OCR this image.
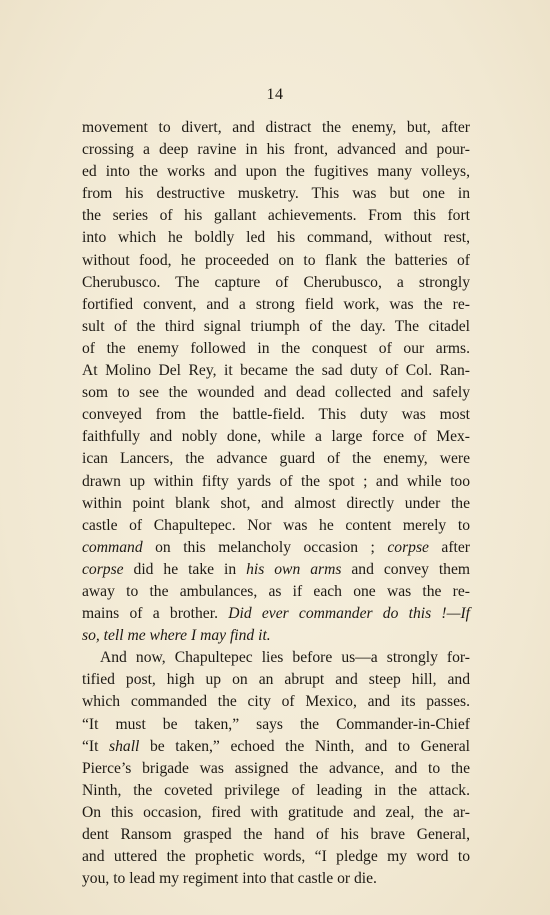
14
movement to divert, and distract the enemy, but, after
crossing a deep ravine in his front, advanced and pour-
ed into the works and upon the fugitives many volleys,
from his destructive musketry. This was but one in
the series of his gallant achievements. From this fort
into which he boldly led his command, without rest,
without food, he proceeded on to flank the batteries of
Cherubusco. The capture of Cherubusco, a strongly
fortified convent, and a strong field work, was the re-
sult of the third signal triumph of the day. The citadel
of the enemy followed in the conquest of our arms.
At Molino Del Rey, it became the sad duty of Col. Ran-
som to see the wounded and dead collected and safely
conveyed from the battle-field. This duty was most
faithfully and nobly done, while a large force of Mex-
ican Lancers, the advance guard of the enemy, were
drawn up within fifty yards of the spot ; and while too
within point blank shot, and almost directly under the
castle of Chapultepec. Nor was he content merely to
command on this melancholy occasion ; corpse after
corpse did he take in his own arms and convey them
away to the ambulances, as if each one was the re-
mains of a brother. Did ever commander do this !—If
so, tell me where I may find it.
And now, Chapultepec lies before us—a strongly for-
tified post, high up on an abrupt and steep hill, and
which commanded the city of Mexico, and its passes.
“It must be taken,” says the Commander-in-Chief
“It shall be taken,” echoed the Ninth, and to General
Pierce’s brigade was assigned the advance, and to the
Ninth, the coveted privilege of leading in the attack.
On this occasion, fired with gratitude and zeal, the ar-
dent Ransom grasped the hand of his brave General,
and uttered the prophetic words, “I pledge my word to
you, to lead my regiment into that castle or die.
